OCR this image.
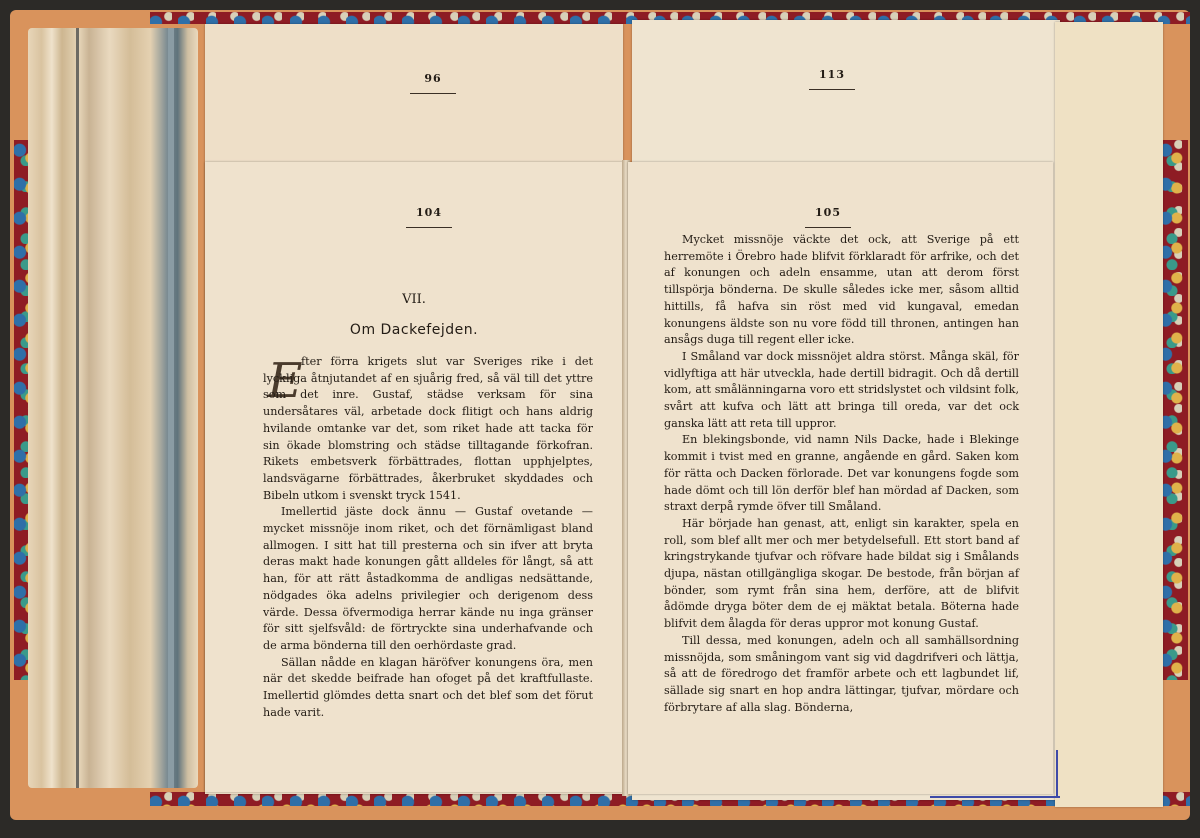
96	113
104
VII.
Om Dackefejden.
E

fter förra krigets slut var Sveriges rike i det lyckliga åtnjutandet af en sjuårig fred, så väl till det yttre som det inre. Gustaf, städse verksam för sina undersåtares väl, arbetade dock flitigt och hans aldrig hvilande omtanke var det, som riket hade att tacka för sin ökade blomstring och städse tilltagande förkofran. Rikets embetsverk förbättrades, flottan upphjelptes, landsvägarne förbättrades, åkerbruket skyddades och Bibeln utkom i svenskt tryck 1541.

Imellertid jäste dock ännu — Gustaf ovetande — mycket missnöje inom riket, och det förnämligast bland allmogen. I sitt hat till presterna och sin ifver att bryta deras makt hade konungen gått alldeles för långt, så att han, för att rätt åstadkomma de andligas nedsättande, nödgades öka adelns privilegier och derigenom dess värde. Dessa öfvermodiga herrar kände nu inga gränser för sitt sjelfsvåld: de förtryckte sina underhafvande och de arma bönderna till den oerhördaste grad.

Sällan nådde en klagan häröfver konungens öra, men när det skedde beifrade han ofoget på det kraftfullaste. Imellertid glömdes detta snart och det blef som det förut hade varit.

105

Mycket missnöje väckte det ock, att Sverige på ett herremöte i Örebro hade blifvit förklaradt för arfrike, och det af konungen och adeln ensamme, utan att derom först tillspörja bönderna. De skulle således icke mer, såsom alltid hittills, få hafva sin röst med vid kungaval, emedan konungens äldste son nu vore född till thronen, antingen han ansågs duga till regent eller icke.

I Småland var dock missnöjet aldra störst. Många skäl, för vidlyftiga att här utveckla, hade dertill bidragit. Och då dertill kom, att smålänningarna voro ett stridslystet och vildsint folk, svårt att kufva och lätt att bringa till oreda, var det ock ganska lätt att reta till uppror.

En blekingsbonde, vid namn Nils Dacke, hade i Blekinge kommit i tvist med en granne, angående en gård. Saken kom för rätta och Dacken förlorade. Det var konungens fogde som hade dömt och till lön derför blef han mördad af Dacken, som straxt derpå rymde öfver till Småland.

Här började han genast, att, enligt sin karakter, spela en roll, som blef allt mer och mer betydelsefull. Ett stort band af kringstrykande tjufvar och röfvare hade bildat sig i Smålands djupa, nästan otillgängliga skogar. De bestode, från början af bönder, som rymt från sina hem, derföre, att de blifvit ådömde dryga böter dem de ej mäktat betala. Böterna hade blifvit dem ålagda för deras uppror mot konung Gustaf.

Till dessa, med konungen, adeln och all samhällsordning missnöjda, som småningom vant sig vid dagdrifveri och lättja, så att de föredrogo det framför arbete och ett lagbundet lif, sällade sig snart en hop andra lättingar, tjufvar, mördare och förbrytare af alla slag. Bönderna,
